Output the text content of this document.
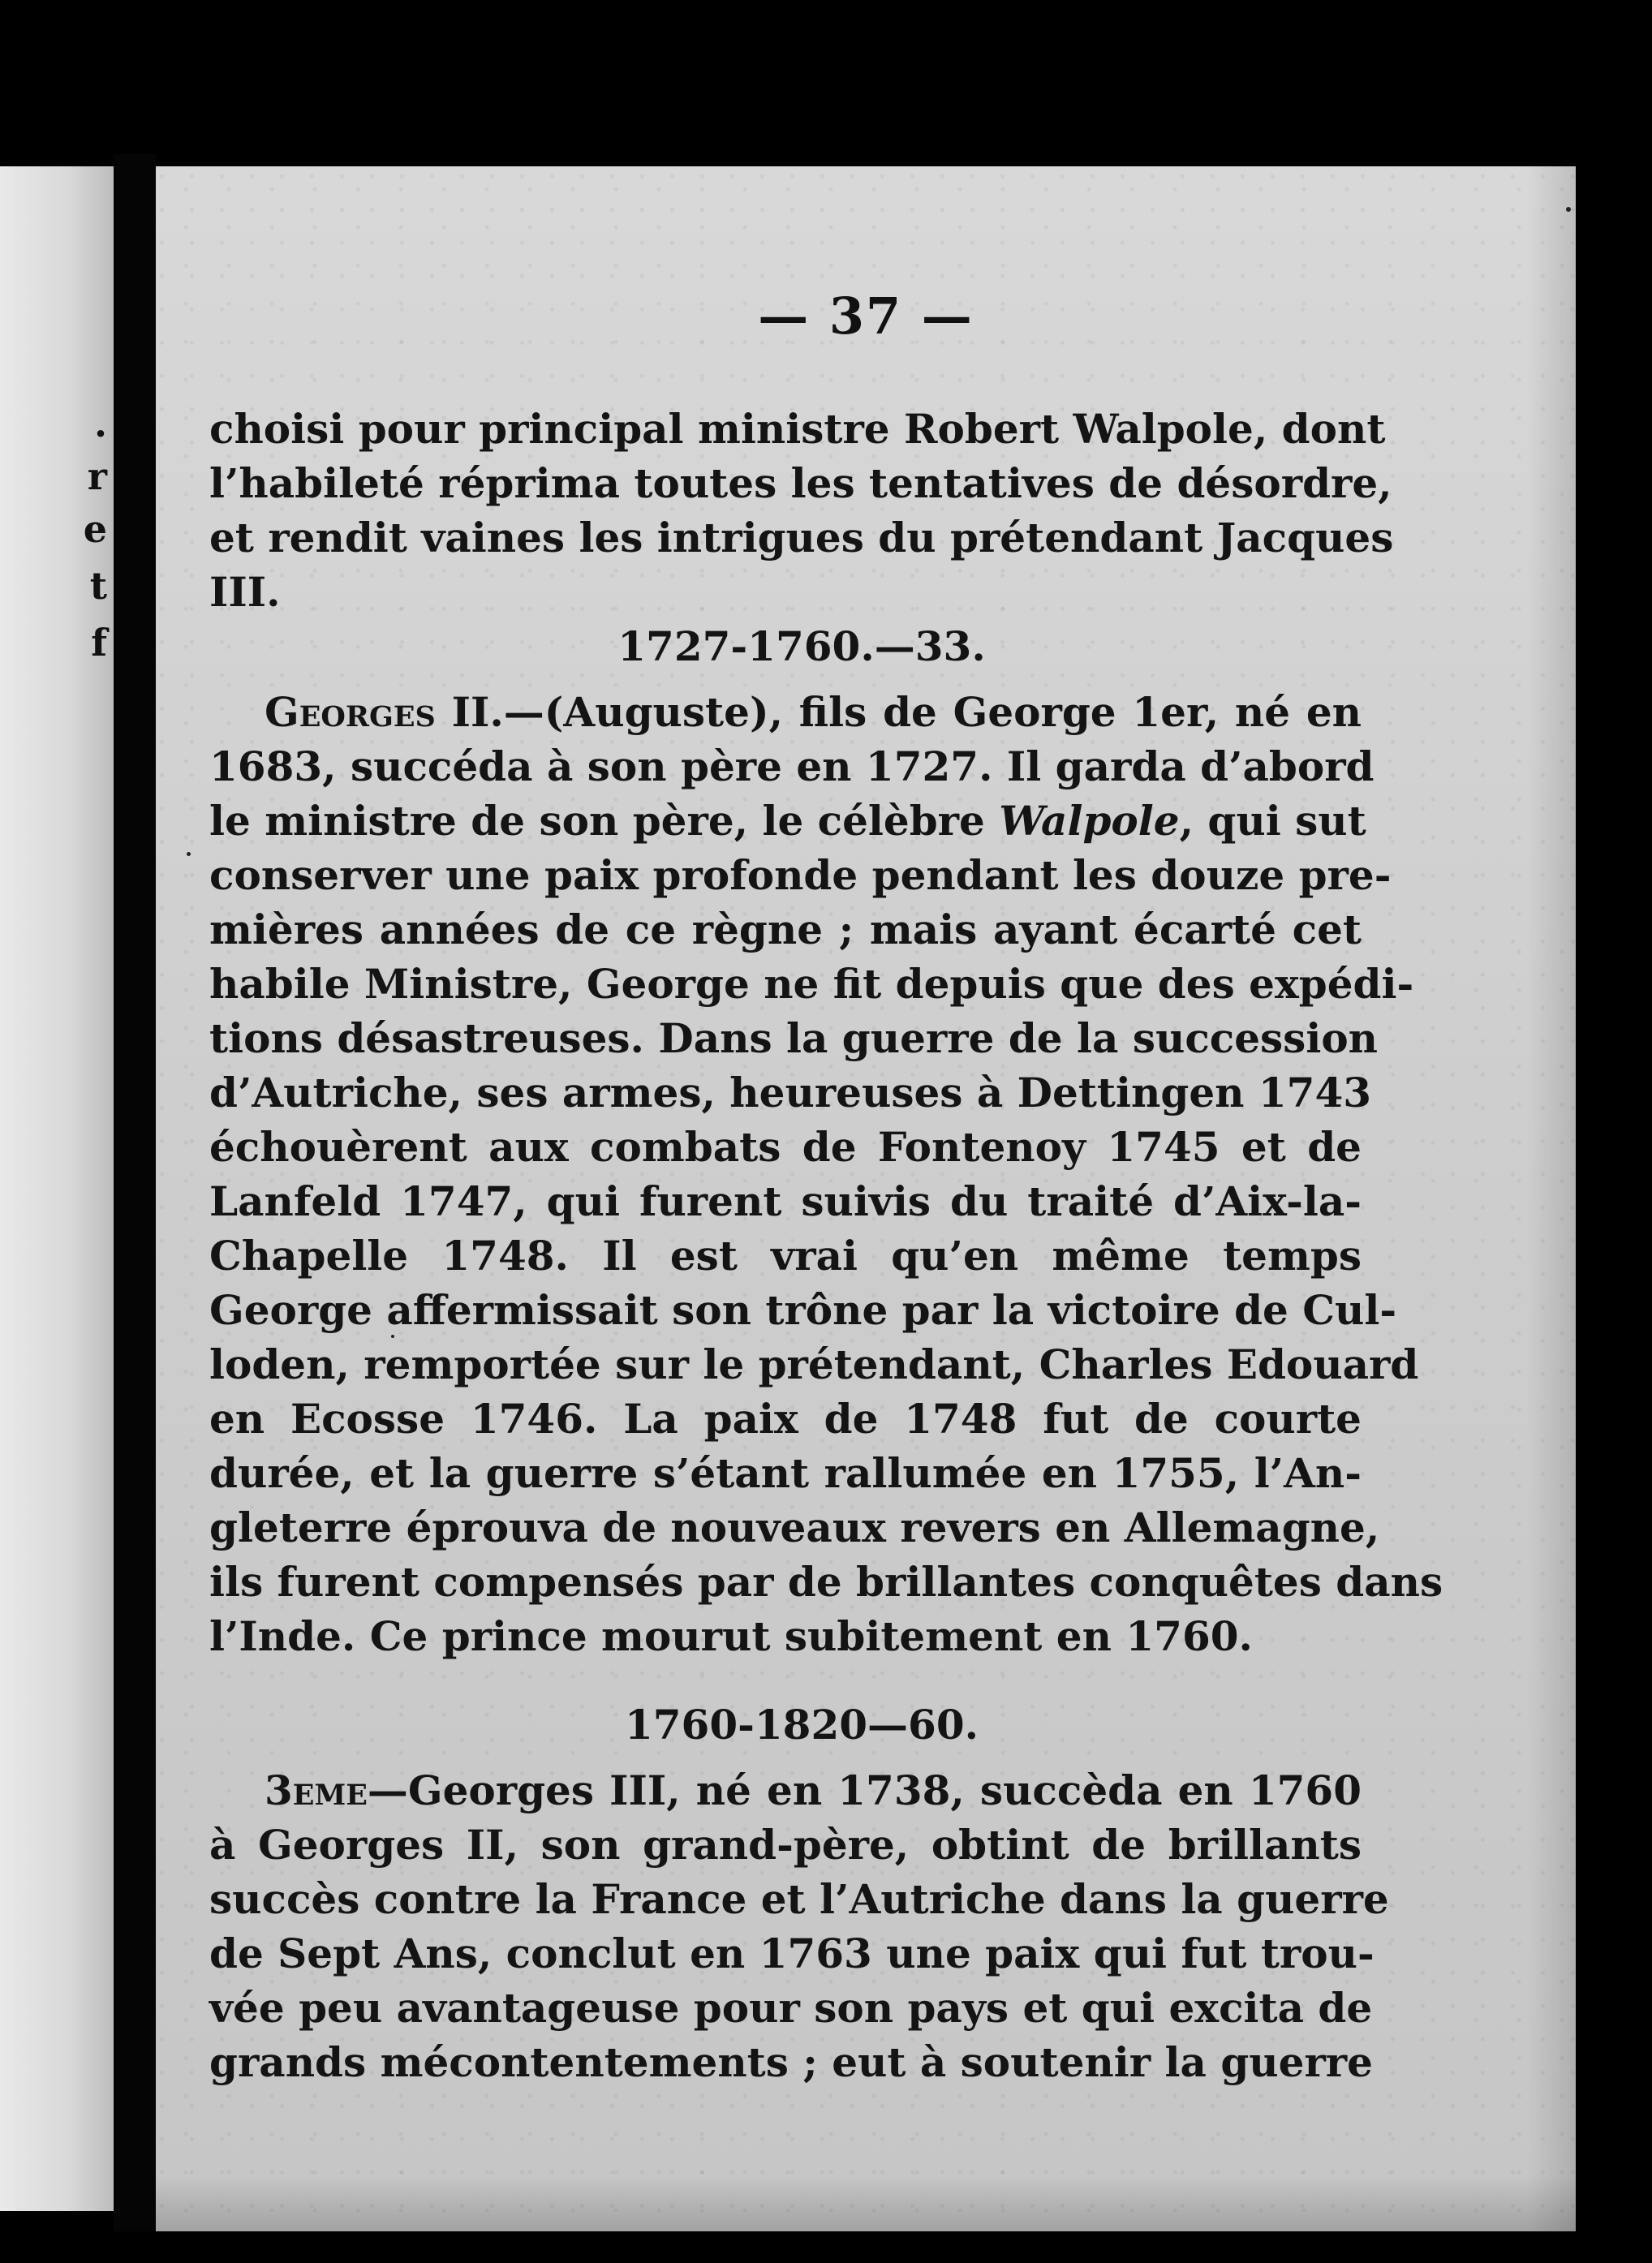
.
r
e
t
f
— 37 —
choisi pour principal ministre Robert Walpole, dont
l’habileté réprima toutes les tentatives de désordre,
et rendit vaines les intrigues du prétendant Jacques
III.
1727-1760.—33.
Georges II.—(Auguste), fils de George 1er, né en
1683, succéda à son père en 1727. Il garda d’abord
le ministre de son père, le célèbre Walpole, qui sut
conserver une paix profonde pendant les douze pre-
mières années de ce règne ; mais ayant écarté cet
habile Ministre, George ne fit depuis que des expédi-
tions désastreuses. Dans la guerre de la succession
d’Autriche, ses armes, heureuses à Dettingen 1743
échouèrent aux combats de Fontenoy 1745 et de
Lanfeld 1747, qui furent suivis du traité d’Aix-la-
Chapelle 1748. Il est vrai qu’en même temps
George affermissait son trône par la victoire de Cul-
loden, remportée sur le prétendant, Charles Edouard
en Ecosse 1746. La paix de 1748 fut de courte
durée, et la guerre s’étant rallumée en 1755, l’An-
gleterre éprouva de nouveaux revers en Allemagne,
ils furent compensés par de brillantes conquêtes dans
l’Inde. Ce prince mourut subitement en 1760.
1760-1820—60.
3eme—Georges III, né en 1738, succèda en 1760
à Georges II, son grand-père, obtint de brillants
succès contre la France et l’Autriche dans la guerre
de Sept Ans, conclut en 1763 une paix qui fut trou-
vée peu avantageuse pour son pays et qui excita de
grands mécontentements ; eut à soutenir la guerre
